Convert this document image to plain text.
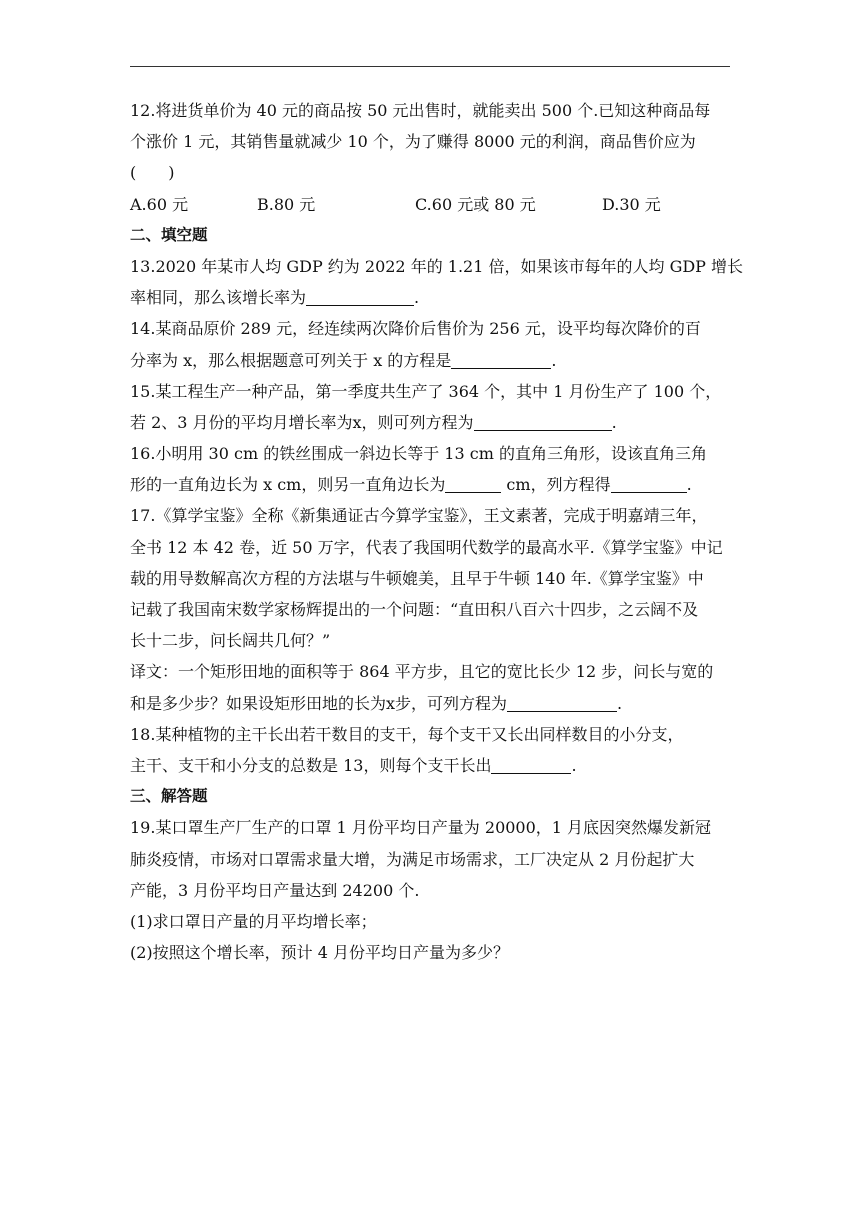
12.将进货单价为 40 元的商品按 50 元出售时，就能卖出 500 个.已知这种商品每
个涨价 1 元，其销售量就减少 10 个，为了赚得 8000 元的利润，商品售价应为
(　　)
A.60 元	B.80 元	C.60 元或 80 元	D.30 元
二、填空题
13.2020 年某市人均 GDP 约为 2022 年的 1.21 倍，如果该市每年的人均 GDP 增长
率相同，那么该增长率为	.
14.某商品原价 289 元，经连续两次降价后售价为 256 元，设平均每次降价的百
分率为 x，那么根据题意可列关于 x 的方程是	.
15.某工程生产一种产品，第一季度共生产了 364 个，其中 1 月份生产了 100 个，
若 2、3 月份的平均月增长率为x，则可列方程为	.
16.小明用 30 cm 的铁丝围成一斜边长等于 13 cm 的直角三角形，设该直角三角
形的一直角边长为 x cm，则另一直角边长为	cm，列方程得	.
17.《算学宝鉴》全称《新集通证古今算学宝鉴》，王文素著，完成于明嘉靖三年，
全书 12 本 42 卷，近 50 万字，代表了我国明代数学的最高水平.《算学宝鉴》中记
载的用导数解高次方程的方法堪与牛顿媲美，且早于牛顿 140 年.《算学宝鉴》中
记载了我国南宋数学家杨辉提出的一个问题：“直田积八百六十四步，之云阔不及
长十二步，问长阔共几何？”
译文：一个矩形田地的面积等于 864 平方步，且它的宽比长少 12 步，问长与宽的
和是多少步？如果设矩形田地的长为x步，可列方程为	.
18.某种植物的主干长出若干数目的支干，每个支干又长出同样数目的小分支，
主干、支干和小分支的总数是 13，则每个支干长出	.
三、解答题
19.某口罩生产厂生产的口罩 1 月份平均日产量为 20000，1 月底因突然爆发新冠
肺炎疫情，市场对口罩需求量大增，为满足市场需求，工厂决定从 2 月份起扩大
产能，3 月份平均日产量达到 24200 个.
(1)求口罩日产量的月平均增长率；
(2)按照这个增长率，预计 4 月份平均日产量为多少？
